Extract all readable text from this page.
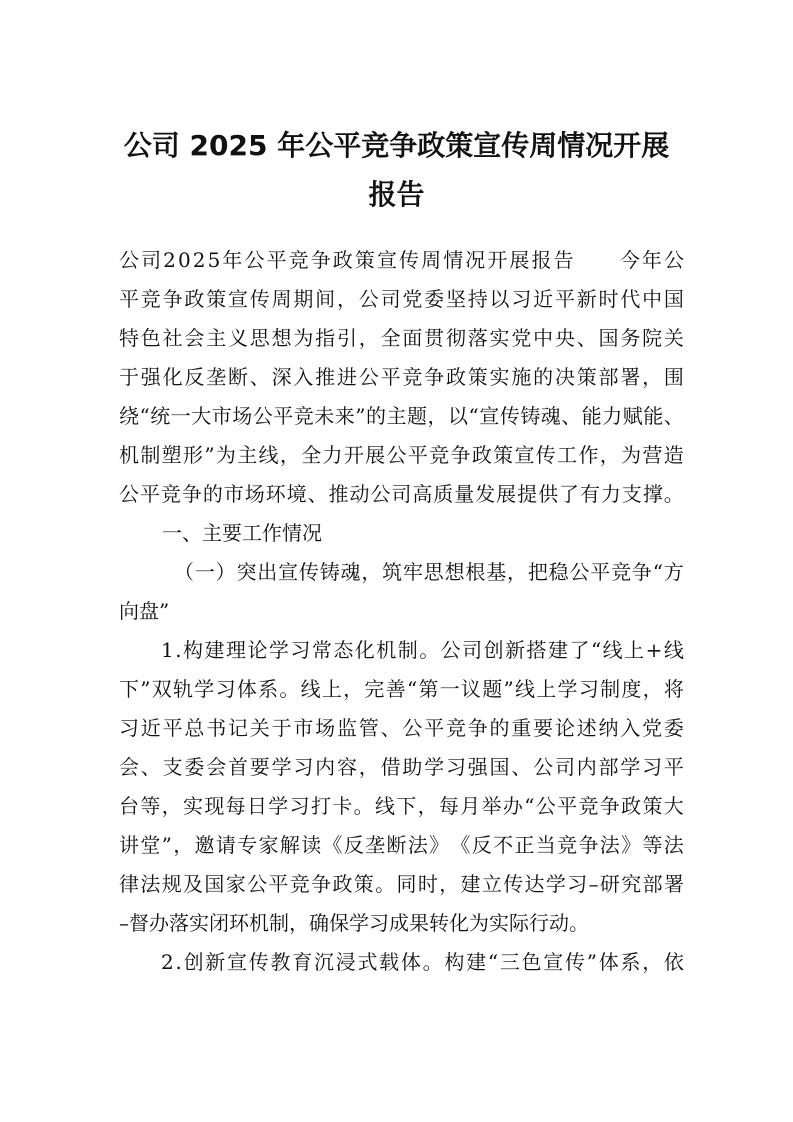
公司 2025 年公平竞争政策宣传周情况开展
报告
公 司 2 0 2 5 年 公 平 竞 争 政 策 宣 传 周 情 况 开 展 报 告

　 今 年 公
平 竞 争 政 策 宣 传 周 期 间 ， 公 司 党 委 坚 持 以 习 近 平 新 时 代 中 国
特 色 社 会 主 义 思 想 为 指 引 ， 全 面 贯 彻 落 实 党 中 央 、 国 务 院 关
于 强 化 反 垄 断 、 深 入 推 进 公 平 竞 争 政 策 实 施 的 决 策 部 署 ， 围
绕 “ 统 一 大 市 场 公 平 竞 未 来 ” 的 主 题 ， 以 “ 宣 传 铸 魂 、 能 力 赋 能 、
机 制 塑 形 ” 为 主 线 ， 全 力 开 展 公 平 竞 争 政 策 宣 传 工 作 ， 为 营 造
公 平 竞 争 的 市 场 环 境 、 推 动 公 司 高 质 量 发 展 提 供 了 有 力 支 撑 。
一、主要工作情况
（ 一 ） 突 出 宣 传 铸 魂 ， 筑 牢 思 想 根 基 ， 把 稳 公 平 竞 争 “ 方
向盘”
1 . 构 建 理 论 学 习 常 态 化 机 制 。 公 司 创 新 搭 建 了 “ 线 上 + 线
下 ” 双 轨 学 习 体 系 。 线 上 ， 完 善 “ 第 一 议 题 ” 线 上 学 习 制 度 ， 将
习 近 平 总 书 记 关 于 市 场 监 管 、 公 平 竞 争 的 重 要 论 述 纳 入 党 委
会 、 支 委 会 首 要 学 习 内 容 ， 借 助 学 习 强 国 、 公 司 内 部 学 习 平
台 等 ， 实 现 每 日 学 习 打 卡 。 线 下 ， 每 月 举 办 “ 公 平 竞 争 政 策 大
讲 堂 ” ， 邀 请 专 家 解 读 《 反 垄 断 法 》 《 反 不 正 当 竞 争 法 》 等 法
律 法 规 及 国 家 公 平 竞 争 政 策 。 同 时 ， 建 立 传 达 学 习 – 研 究 部 署
–督办落实闭环机制，确保学习成果转化为实际行动。
2 . 创 新 宣 传 教 育 沉 浸 式 载 体 。 构 建 “ 三 色 宣 传 ” 体 系 ， 依
